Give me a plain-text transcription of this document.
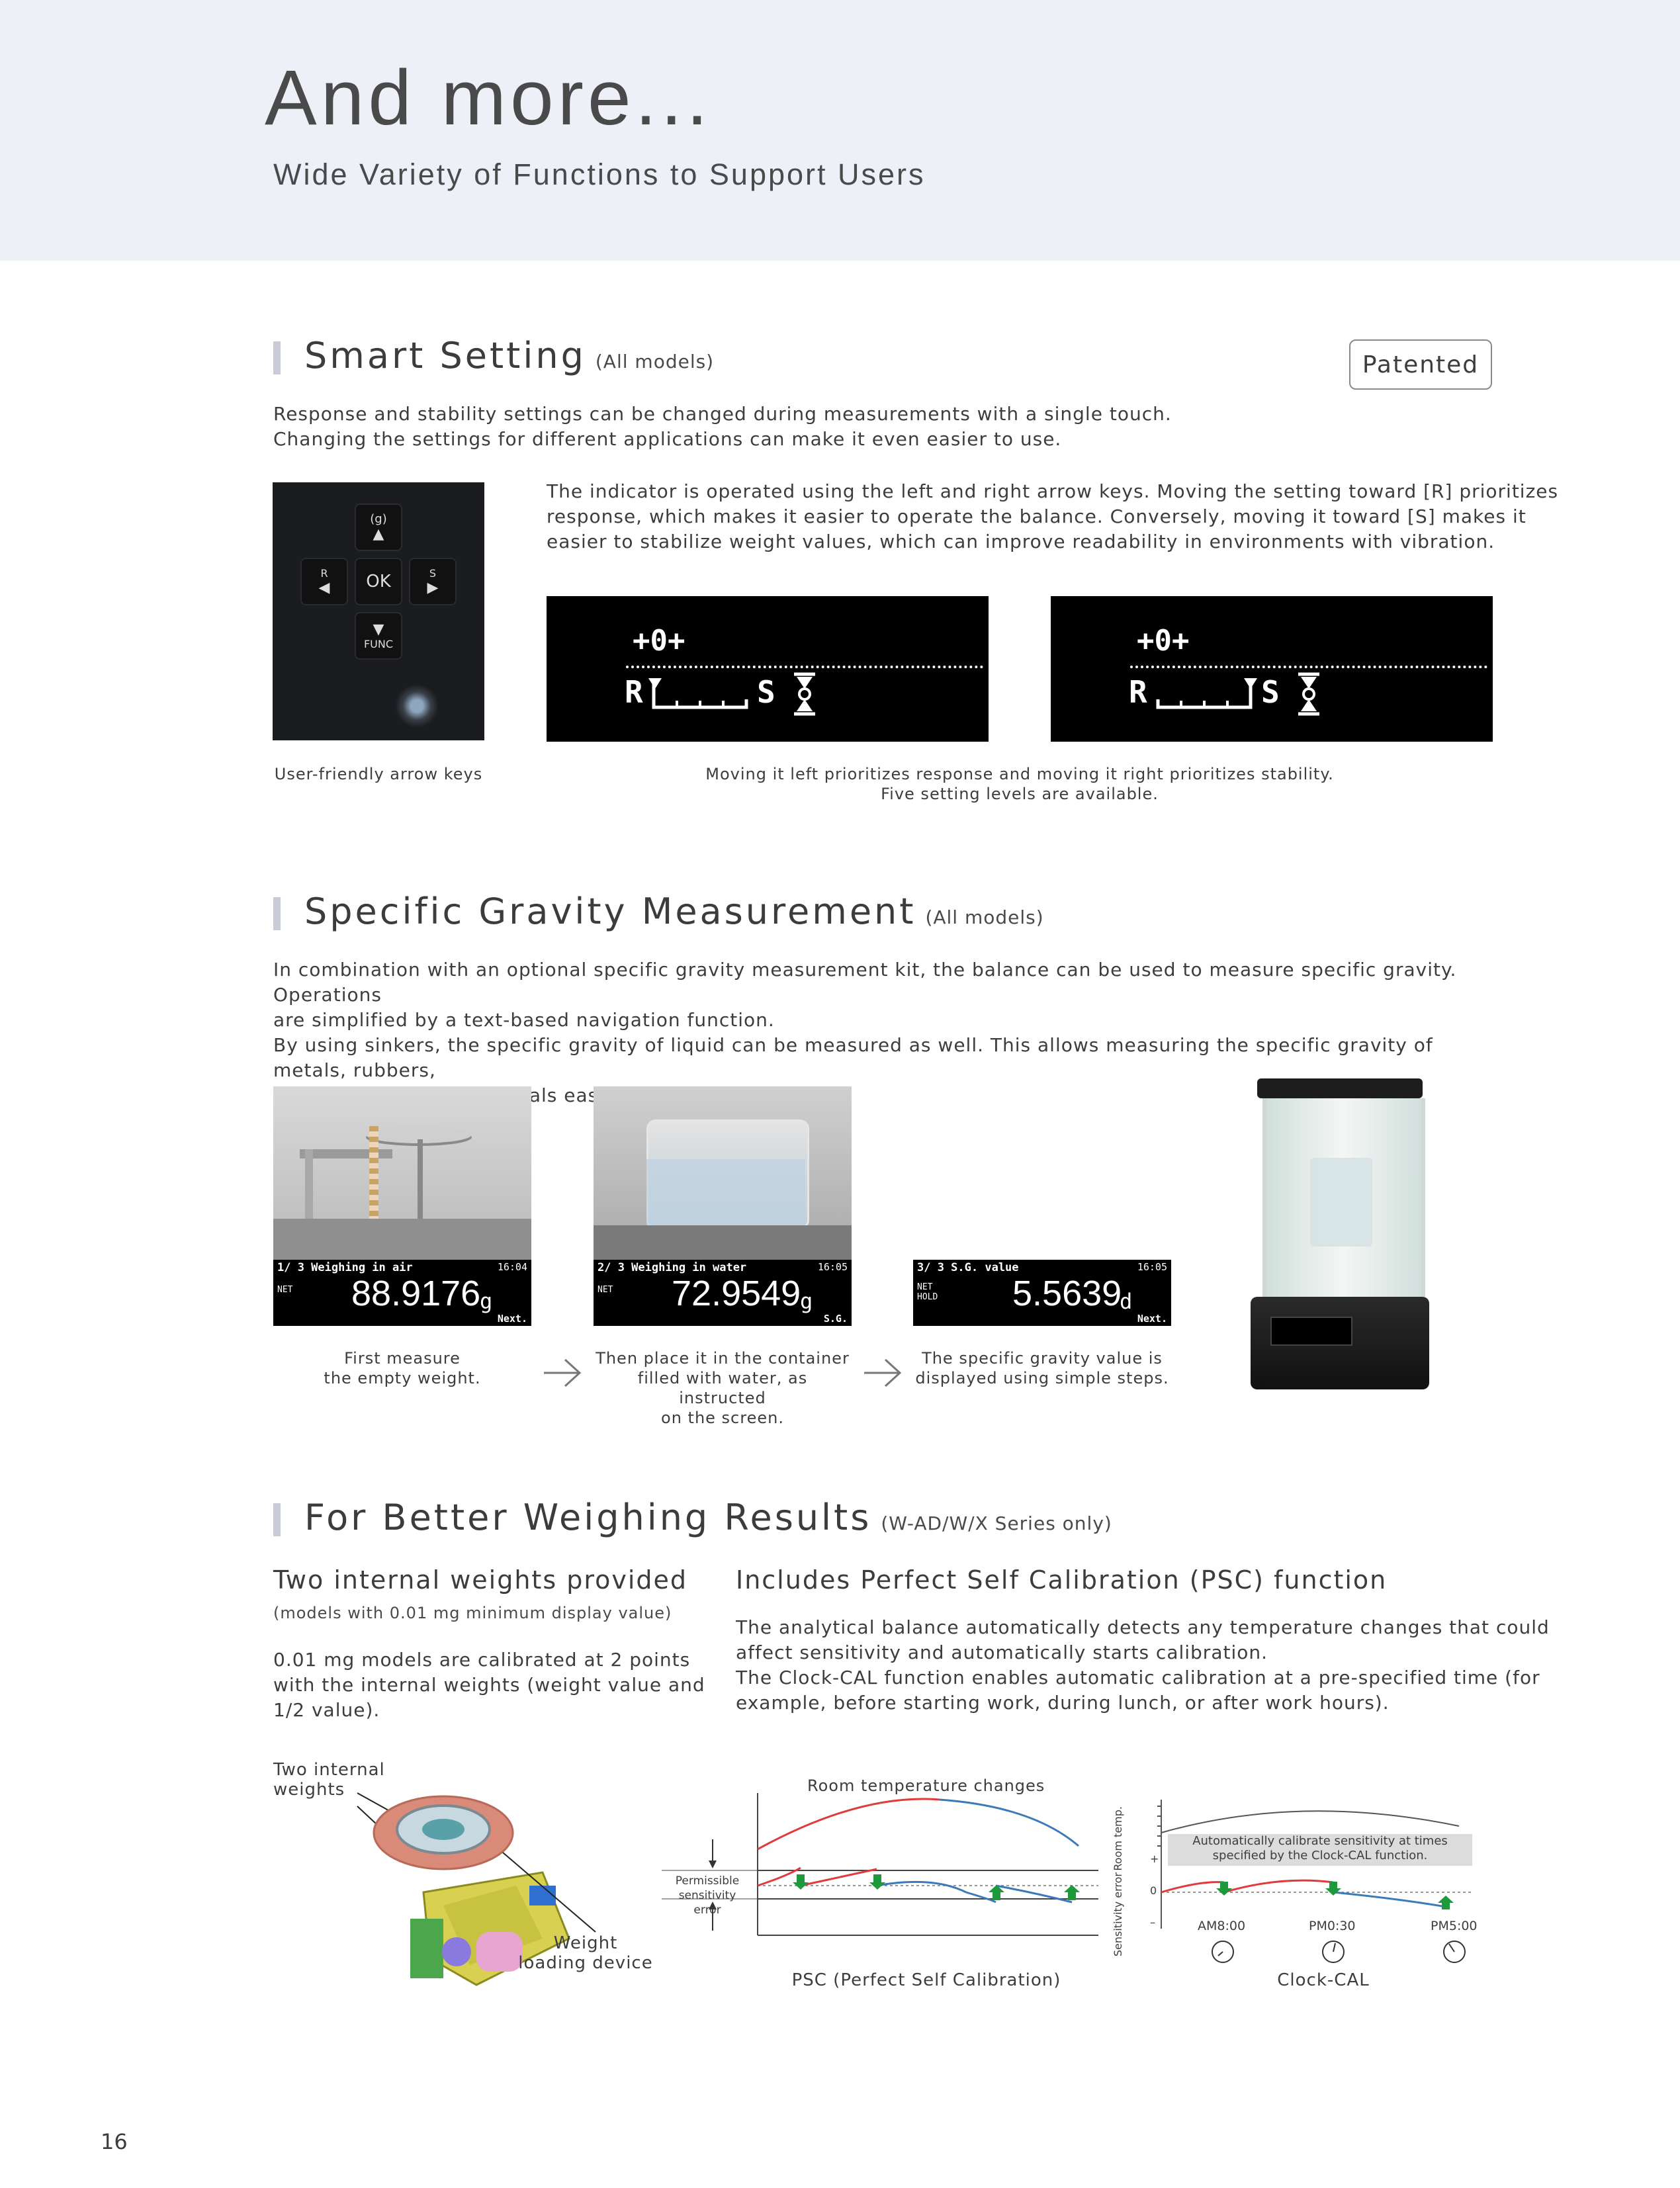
And more...
Wide Variety of Functions to Support Users
Smart Setting (All models)	Patented
Response and stability settings can be changed during measurements with a single touch.
Changing the settings for different applications can make it even easier to use.
(g)
▲
OK
R
◀
S
▶
▼
FUNC
The indicator is operated using the left and right arrow keys. Moving the setting toward [R] prioritizes
response, which makes it easier to operate the balance. Conversely, moving it toward [S] makes it
easier to stabilize weight values, which can improve readability in environments with vibration.
+0+
R	S
+0+
R	S
User-friendly arrow keys	Moving it left prioritizes response and moving it right prioritizes stability.
Five setting levels are available.
Specific Gravity Measurement (All models)
In combination with an optional specific gravity measurement kit, the balance can be used to measure specific gravity. Operations
are simplified by a text-based navigation function.
By using sinkers, the specific gravity of liquid can be measured as well. This allows measuring the specific gravity of metals, rubbers,
1/ 3 Weighing in air	16:04
NET 88.9176
g
Next.
2/ 3 Weighing in water	16:05
NET 72.9549
g
S.G.
3/ 3 S.G. value	16:05
NET HOLD 5.5639
d
Next.
First measure
the empty weight.
Then place it in the container
filled with water, as instructed
on the screen.
The specific gravity value is
displayed using simple steps.
For Better Weighing Results (W-AD/W/X Series only)
Two internal weights provided
(models with 0.01 mg minimum display value)
0.01 mg models are calibrated at 2 points
with the internal weights (weight value and
1/2 value).
Includes Perfect Self Calibration (PSC) function
The analytical balance automatically detects any temperature changes that could
affect sensitivity and automatically starts calibration.
The Clock-CAL function enables automatic calibration at a pre-specified time (for
example, before starting work, during lunch, or after work hours).
Two internal
weights
Weight
loading device
Room temperature changes
Permissible
sensitivity error
PSC (Perfect Self Calibration)
Room temp.
Sensitivity error
Automatically calibrate sensitivity at times
specified by the Clock-CAL function.
+
0
–	AM8:00	PM0:30	PM5:00
Clock-CAL
16
